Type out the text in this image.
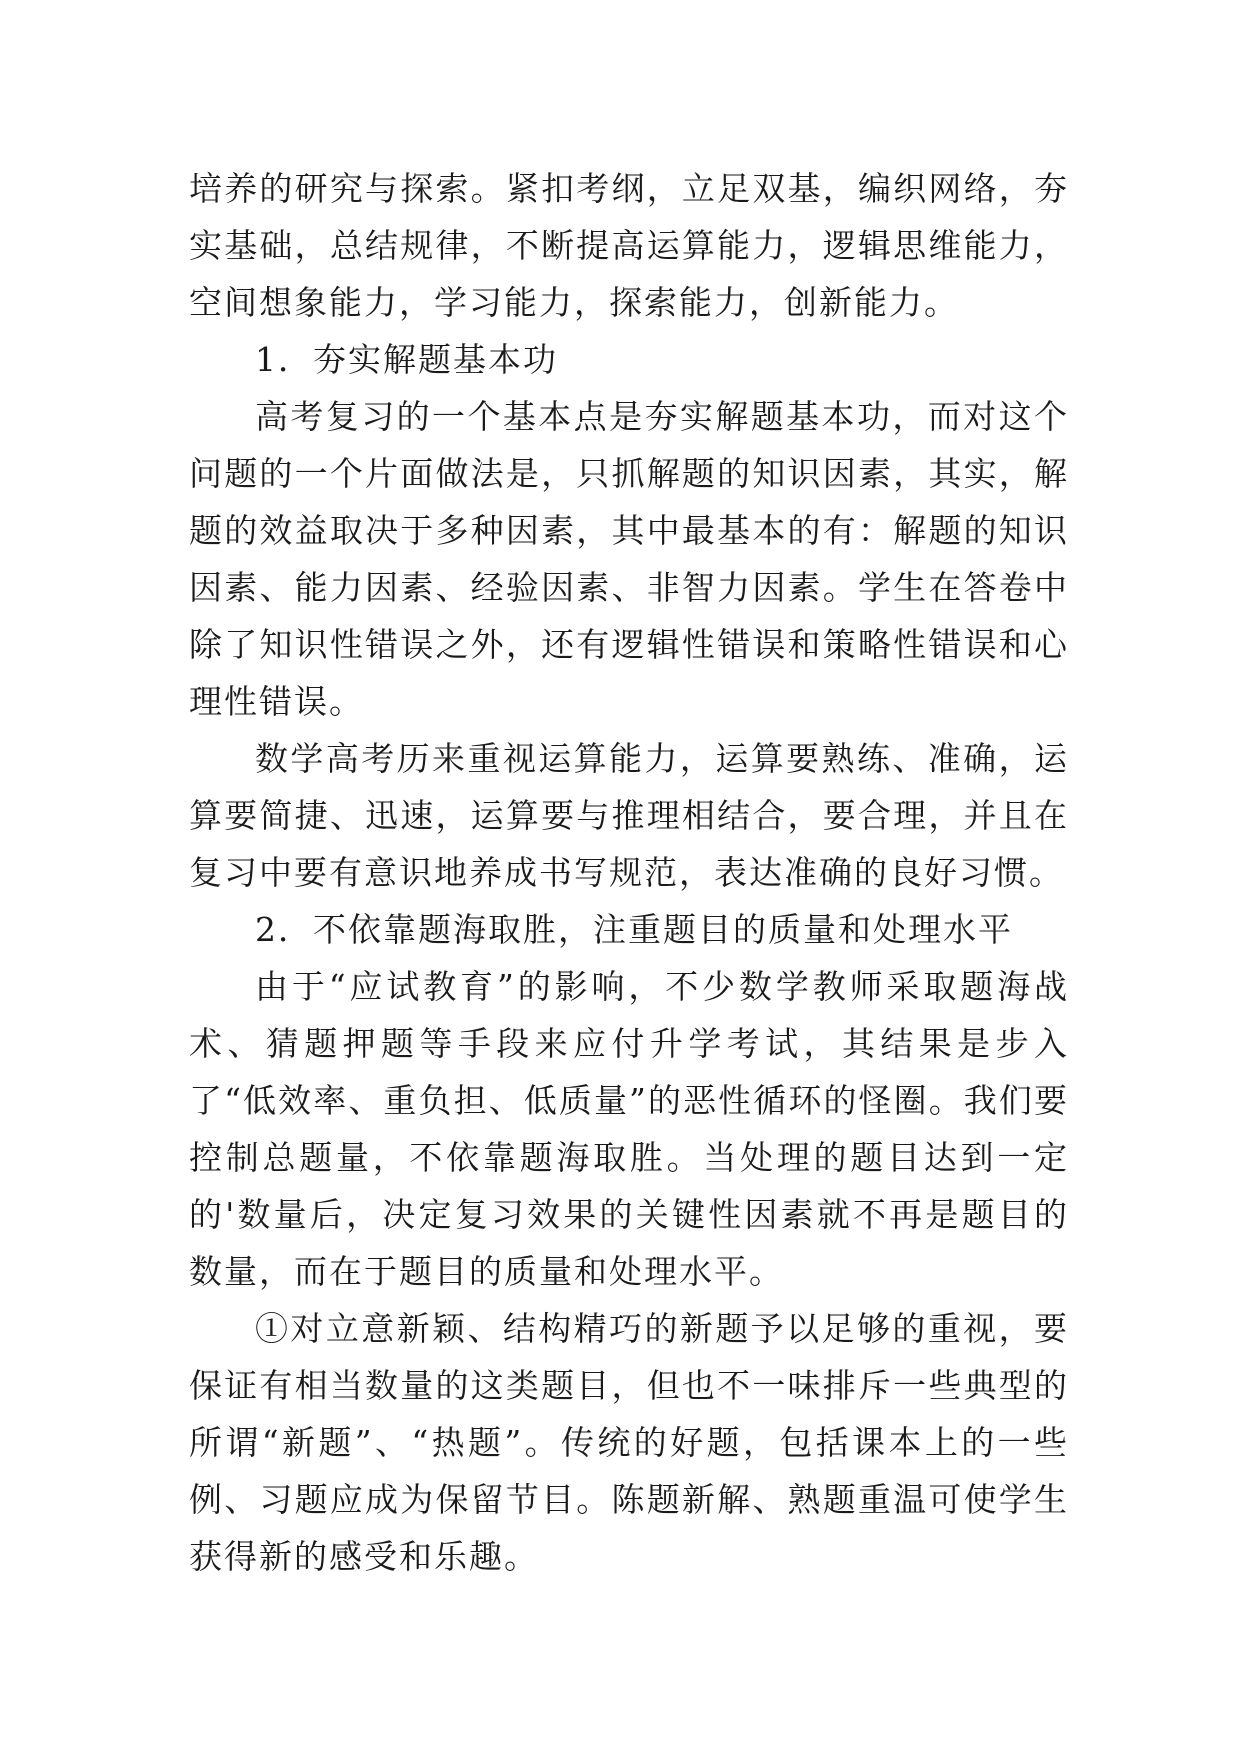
培养的研究与探索。紧扣考纲，立足双基，编织网络，夯实基础，总结规律，不断提高运算能力，逻辑思维能力，空间想象能力，学习能力，探索能力，创新能力。

1．夯实解题基本功

高考复习的一个基本点是夯实解题基本功，而对这个问题的一个片面做法是，只抓解题的知识因素，其实，解题的效益取决于多种因素，其中最基本的有：解题的知识因素、能力因素、经验因素、非智力因素。学生在答卷中除了知识性错误之外，还有逻辑性错误和策略性错误和心理性错误。

数学高考历来重视运算能力，运算要熟练、准确，运算要简捷、迅速，运算要与推理相结合，要合理，并且在复习中要有意识地养成书写规范，表达准确的良好习惯。

2．不依靠题海取胜，注重题目的质量和处理水平

由于“应试教育”的影响，不少数学教师采取题海战术、猜题押题等手段来应付升学考试，其结果是步入了“低效率、重负担、低质量”的恶性循环的怪圈。我们要控制总题量，不依靠题海取胜。当处理的题目达到一定的'数量后，决定复习效果的关键性因素就不再是题目的数量，而在于题目的质量和处理水平。

①对立意新颖、结构精巧的新题予以足够的重视，要保证有相当数量的这类题目，但也不一味排斥一些典型的所谓“新题”、“热题”。传统的好题，包括课本上的一些例、习题应成为保留节目。陈题新解、熟题重温可使学生获得新的感受和乐趣。
